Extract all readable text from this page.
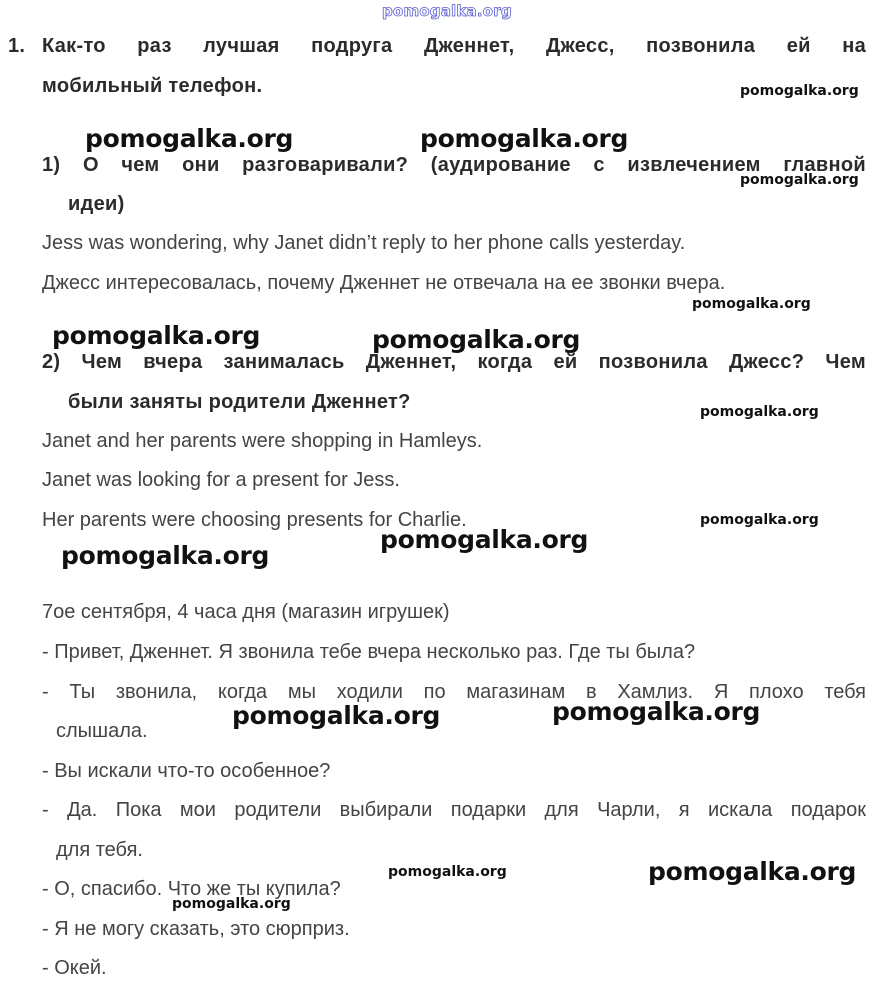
pomogalka.org
1. Как-то раз лучшая подруга Дженнет, Джесс, позвонила ей на
мобильный телефон.
1) О чем они разговаривали? (аудирование с извлечением главной
идеи)
Jess was wondering, why Janet didn’t reply to her phone calls yesterday.
Джесс интересовалась, почему Дженнет не отвечала на ее звонки вчера.
2) Чем вчера занималась Дженнет, когда ей позвонила Джесс? Чем
были заняты родители Дженнет?
Janet and her parents were shopping in Hamleys.
Janet was looking for a present for Jess.
Her parents were choosing presents for Charlie.
7ое сентября, 4 часа дня (магазин игрушек)
- Привет, Дженнет. Я звонила тебе вчера несколько раз. Где ты была?
- Ты звонила, когда мы ходили по магазинам в Хамлиз. Я плохо тебя
слышала.
- Вы искали что-то особенное?
- Да. Пока мои родители выбирали подарки для Чарли, я искала подарок
для тебя.
- О, спасибо. Что же ты купила?
- Я не могу сказать, это сюрприз.
- Окей.
pomogalka.org	pomogalka.org
pomogalka.org	pomogalka.org
pomogalka.org
pomogalka.org
pomogalka.org	pomogalka.org
pomogalka.org
pomogalka.org
pomogalka.org
pomogalka.org
pomogalka.org
pomogalka.org
pomogalka.org
pomogalka.org
